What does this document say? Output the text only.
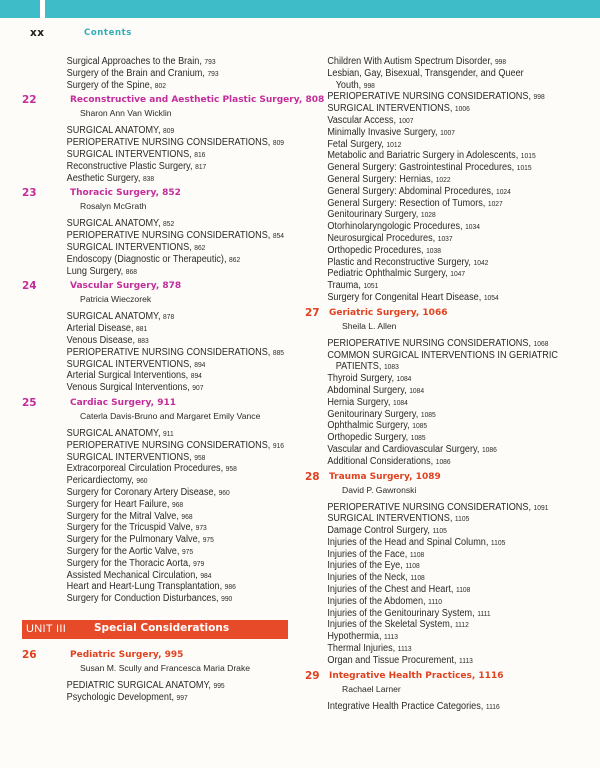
xx	Contents
Surgical Approaches to the Brain, 793
Surgery of the Brain and Cranium, 793
Surgery of the Spine, 802
22	Reconstructive and Aesthetic Plastic Surgery, 808
Sharon Ann Van Wicklin
SURGICAL ANATOMY, 809
PERIOPERATIVE NURSING CONSIDERATIONS, 809
SURGICAL INTERVENTIONS, 816
Reconstructive Plastic Surgery, 817
Aesthetic Surgery, 838
23	Thoracic Surgery, 852
Rosalyn McGrath
SURGICAL ANATOMY, 852
PERIOPERATIVE NURSING CONSIDERATIONS, 854
SURGICAL INTERVENTIONS, 862
Endoscopy (Diagnostic or Therapeutic), 862
Lung Surgery, 868
24	Vascular Surgery, 878
Patricia Wieczorek
SURGICAL ANATOMY, 878
Arterial Disease, 881
Venous Disease, 883
PERIOPERATIVE NURSING CONSIDERATIONS, 885
SURGICAL INTERVENTIONS, 894
Arterial Surgical Interventions, 894
Venous Surgical Interventions, 907
25	Cardiac Surgery, 911
Caterla Davis-Bruno and Margaret Emily Vance
SURGICAL ANATOMY, 911
PERIOPERATIVE NURSING CONSIDERATIONS, 916
SURGICAL INTERVENTIONS, 958
Extracorporeal Circulation Procedures, 958
Pericardiectomy, 960
Surgery for Coronary Artery Disease, 960
Surgery for Heart Failure, 968
Surgery for the Mitral Valve, 968
Surgery for the Tricuspid Valve, 973
Surgery for the Pulmonary Valve, 975
Surgery for the Aortic Valve, 975
Surgery for the Thoracic Aorta, 979
Assisted Mechanical Circulation, 984
Heart and Heart-Lung Transplantation, 986
Surgery for Conduction Disturbances, 990
UNIT III	Special Considerations
26	Pediatric Surgery, 995
Susan M. Scully and Francesca Maria Drake
PEDIATRIC SURGICAL ANATOMY, 995
Psychologic Development, 997
Children With Autism Spectrum Disorder, 998
Lesbian, Gay, Bisexual, Transgender, and Queer
Youth, 998
PERIOPERATIVE NURSING CONSIDERATIONS, 998
SURGICAL INTERVENTIONS, 1006
Vascular Access, 1007
Minimally Invasive Surgery, 1007
Fetal Surgery, 1012
Metabolic and Bariatric Surgery in Adolescents, 1015
General Surgery: Gastrointestinal Procedures, 1015
General Surgery: Hernias, 1022
General Surgery: Abdominal Procedures, 1024
General Surgery: Resection of Tumors, 1027
Genitourinary Surgery, 1028
Otorhinolaryngologic Procedures, 1034
Neurosurgical Procedures, 1037
Orthopedic Procedures, 1038
Plastic and Reconstructive Surgery, 1042
Pediatric Ophthalmic Surgery, 1047
Trauma, 1051
Surgery for Congenital Heart Disease, 1054
27 Geriatric Surgery, 1066
Sheila L. Allen
PERIOPERATIVE NURSING CONSIDERATIONS, 1068
COMMON SURGICAL INTERVENTIONS IN GERIATRIC
PATIENTS, 1083
Thyroid Surgery, 1084
Abdominal Surgery, 1084
Hernia Surgery, 1084
Genitourinary Surgery, 1085
Ophthalmic Surgery, 1085
Orthopedic Surgery, 1085
Vascular and Cardiovascular Surgery, 1086
Additional Considerations, 1086
28 Trauma Surgery, 1089
David P. Gawronski
PERIOPERATIVE NURSING CONSIDERATIONS, 1091
SURGICAL INTERVENTIONS, 1105
Damage Control Surgery, 1105
Injuries of the Head and Spinal Column, 1105
Injuries of the Face, 1108
Injuries of the Eye, 1108
Injuries of the Neck, 1108
Injuries of the Chest and Heart, 1108
Injuries of the Abdomen, 1110
Injuries of the Genitourinary System, 1111
Injuries of the Skeletal System, 1112
Hypothermia, 1113
Thermal Injuries, 1113
Organ and Tissue Procurement, 1113
29 Integrative Health Practices, 1116
Rachael Larner
Integrative Health Practice Categories, 1116
